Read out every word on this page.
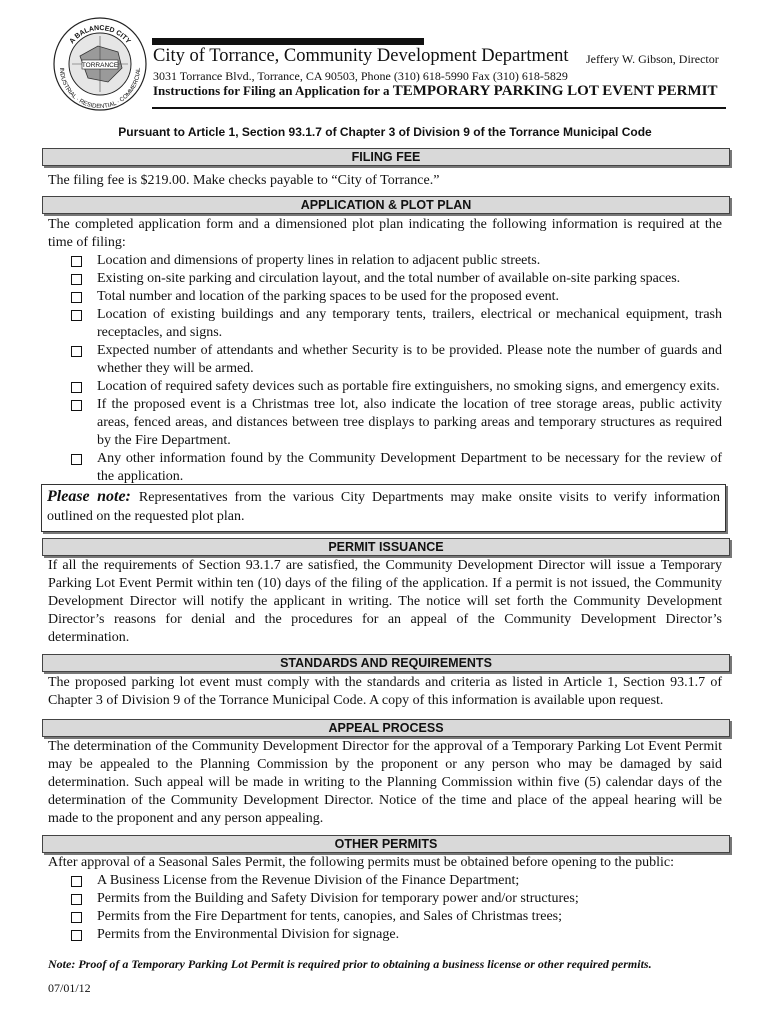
TORRANCE
A BALANCED CITY
INDUSTRIAL · RESIDENTIAL · COMMERCIAL
City of Torrance, Community Development Department Jeffery W. Gibson, Director
3031 Torrance Blvd., Torrance, CA 90503, Phone (310) 618-5990 Fax (310) 618-5829
Instructions for Filing an Application for a TEMPORARY PARKING LOT EVENT PERMIT
Pursuant to Article 1, Section 93.1.7 of Chapter 3 of Division 9 of the Torrance Municipal Code
FILING FEE
The filing fee is $219.00. Make checks payable to “City of Torrance.”
APPLICATION & PLOT PLAN
The completed application form and a dimensioned plot plan indicating the following information is required at the time of filing:
Location and dimensions of property lines in relation to adjacent public streets.
Existing on-site parking and circulation layout, and the total number of available on-site parking spaces.
Total number and location of the parking spaces to be used for the proposed event.
Location of existing buildings and any temporary tents, trailers, electrical or mechanical equipment, trash receptacles, and signs.
Expected number of attendants and whether Security is to be provided. Please note the number of guards and whether they will be armed.
Location of required safety devices such as portable fire extinguishers, no smoking signs, and emergency exits.
If the proposed event is a Christmas tree lot, also indicate the location of tree storage areas, public activity areas, fenced areas, and distances between tree displays to parking areas and temporary structures as required by the Fire Department.
Any other information found by the Community Development Department to be necessary for the review of the application.
Please note: Representatives from the various City Departments may make onsite visits to verify information outlined on the requested plot plan.
PERMIT ISSUANCE
If all the requirements of Section 93.1.7 are satisfied, the Community Development Director will issue a Temporary Parking Lot Event Permit within ten (10) days of the filing of the application. If a permit is not issued, the Community Development Director will notify the applicant in writing. The notice will set forth the Community Development Director’s reasons for denial and the procedures for an appeal of the Community Development Director’s determination.
STANDARDS AND REQUIREMENTS
The proposed parking lot event must comply with the standards and criteria as listed in Article 1, Section 93.1.7 of Chapter 3 of Division 9 of the Torrance Municipal Code. A copy of this information is available upon request.
APPEAL PROCESS
The determination of the Community Development Director for the approval of a Temporary Parking Lot Event Permit may be appealed to the Planning Commission by the proponent or any person who may be damaged by said determination. Such appeal will be made in writing to the Planning Commission within five (5) calendar days of the determination of the Community Development Director. Notice of the time and place of the appeal hearing will be made to the proponent and any person appealing.
OTHER PERMITS
After approval of a Seasonal Sales Permit, the following permits must be obtained before opening to the public:
A Business License from the Revenue Division of the Finance Department;
Permits from the Building and Safety Division for temporary power and/or structures;
Permits from the Fire Department for tents, canopies, and Sales of Christmas trees;
Permits from the Environmental Division for signage.
Note: Proof of a Temporary Parking Lot Permit is required prior to obtaining a business license or other required permits.
07/01/12
